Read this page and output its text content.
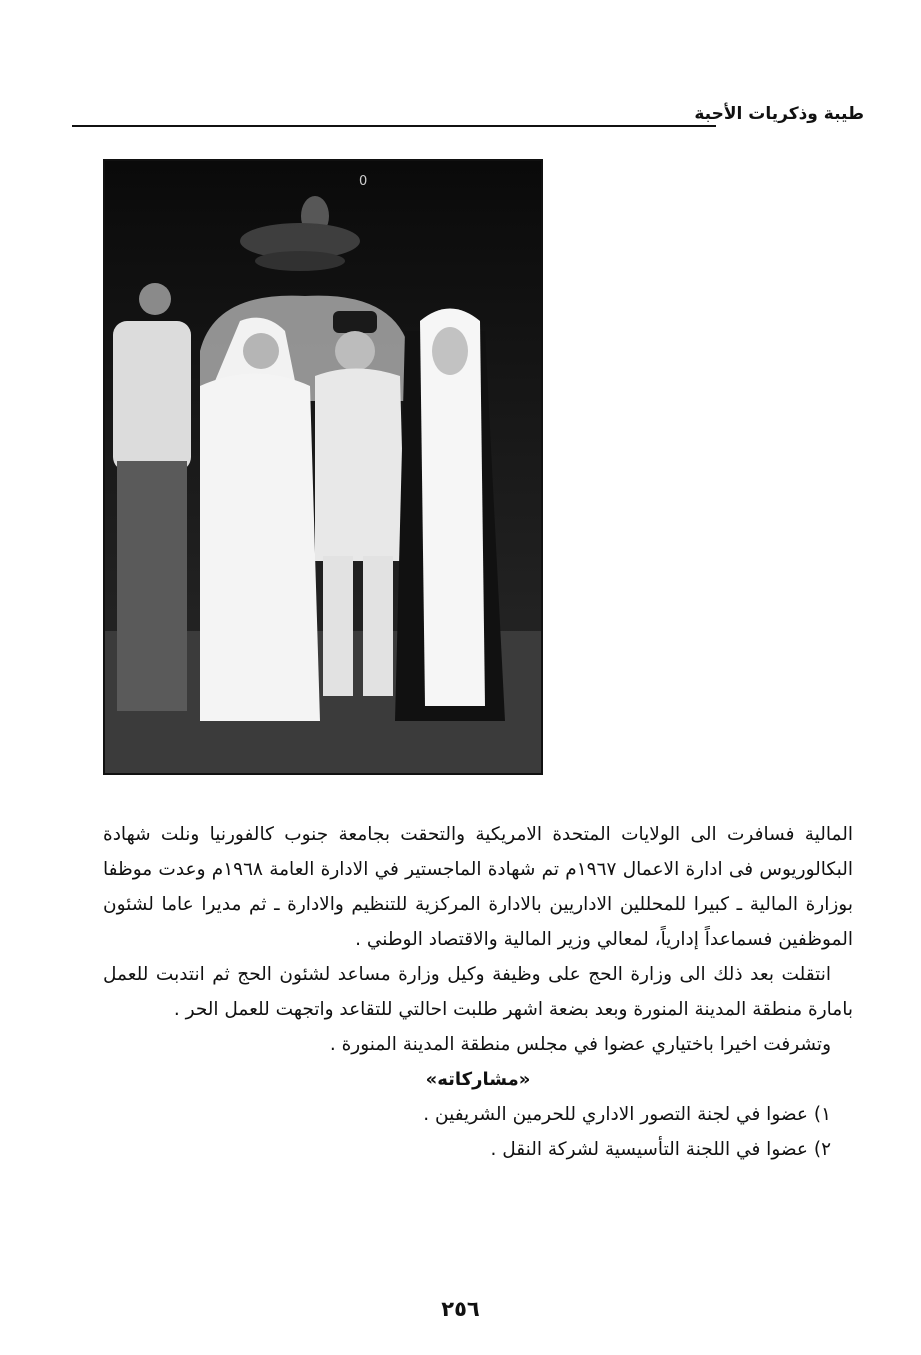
طيبة وذكريات الأحبة
0

المالية فسافرت الى الولايات المتحدة الامريكية والتحقت بجامعة جنوب كالفورنيا ونلت شهادة البكالوريوس فى ادارة الاعمال ١٩٦٧م تم شهادة الماجستير في الادارة العامة ١٩٦٨م وعدت موظفا بوزارة المالية ـ كبيرا للمحللين الاداريين بالادارة المركزية للتنظيم والادارة ـ ثم مديرا عاما لشئون الموظفين فسماعداً إدارياً، لمعالي وزير المالية والاقتصاد الوطني .

انتقلت بعد ذلك الى وزارة الحج على وظيفة وكيل وزارة مساعد لشئون الحج ثم انتدبت للعمل بامارة منطقة المدينة المنورة وبعد بضعة اشهر طلبت احالتي للتقاعد واتجهت للعمل الحر .

وتشرفت اخيرا باختياري عضوا في مجلس منطقة المدينة المنورة .

«مشاركاته»

١) عضوا في لجنة التصور الاداري للحرمين الشريفين .

٢) عضوا في اللجنة التأسيسية لشركة النقل .

٢٥٦
